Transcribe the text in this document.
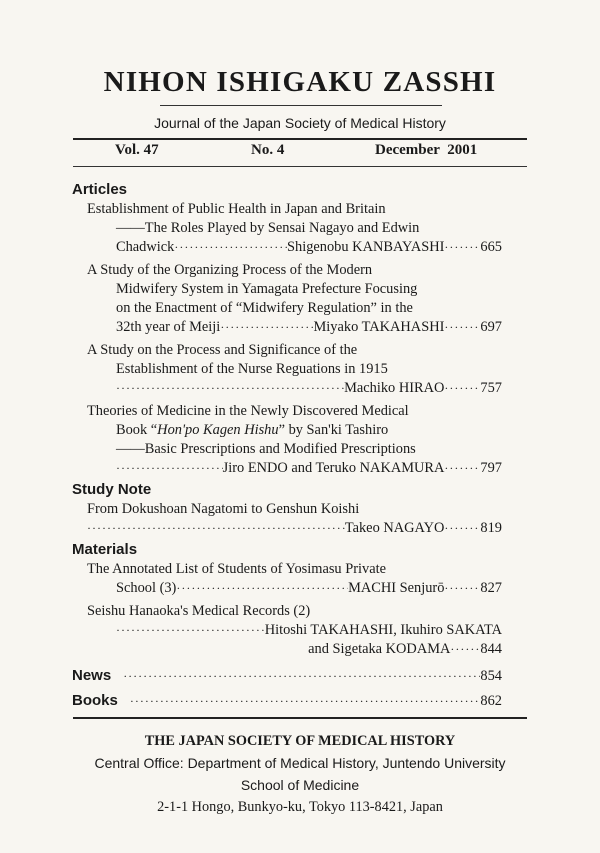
NIHON ISHIGAKU ZASSHI
Journal of the Japan Society of Medical History
Vol. 47	No. 4	December  2001
Articles
Establishment of Public Health in Japan and Britain
——The Roles Played by Sensai Nagayo and Edwin
Chadwick ·····	Shigenobu KANBAYASHI ·····	665
A Study of the Organizing Process of the Modern
Midwifery System in Yamagata Prefecture Focusing
on the Enactment of “Midwifery Regulation” in the
32th year of Meiji ·····	Miyako TAKAHASHI ·····	697
A Study on the Process and Significance of the
Establishment of the Nurse Reguations in 1915
·····
Machiko HIRAO ·····	757
Theories of Medicine in the Newly Discovered Medical
Book “Hon'po Kagen Hishu” by San'ki Tashiro
——Basic Prescriptions and Modified Prescriptions
·····
Jiro ENDO and Teruko NAKAMURA ·····	797
Study Note
From Dokushoan Nagatomi to Genshun Koishi
·····
Takeo NAGAYO ·····	819
Materials
The Annotated List of Students of Yosimasu Private
School (3) ·····	MACHI Senjurō ·····	827
Seishu Hanaoka's Medical Records (2)
·····
Hitoshi TAKAHASHI, Ikuhiro SAKATA
and Sigetaka KODAMA······844
News ·····	854
Books ·····	862
THE JAPAN SOCIETY OF MEDICAL HISTORY
Central Office: Department of Medical History, Juntendo University
School of Medicine
2-1-1 Hongo, Bunkyo-ku, Tokyo 113-8421, Japan
